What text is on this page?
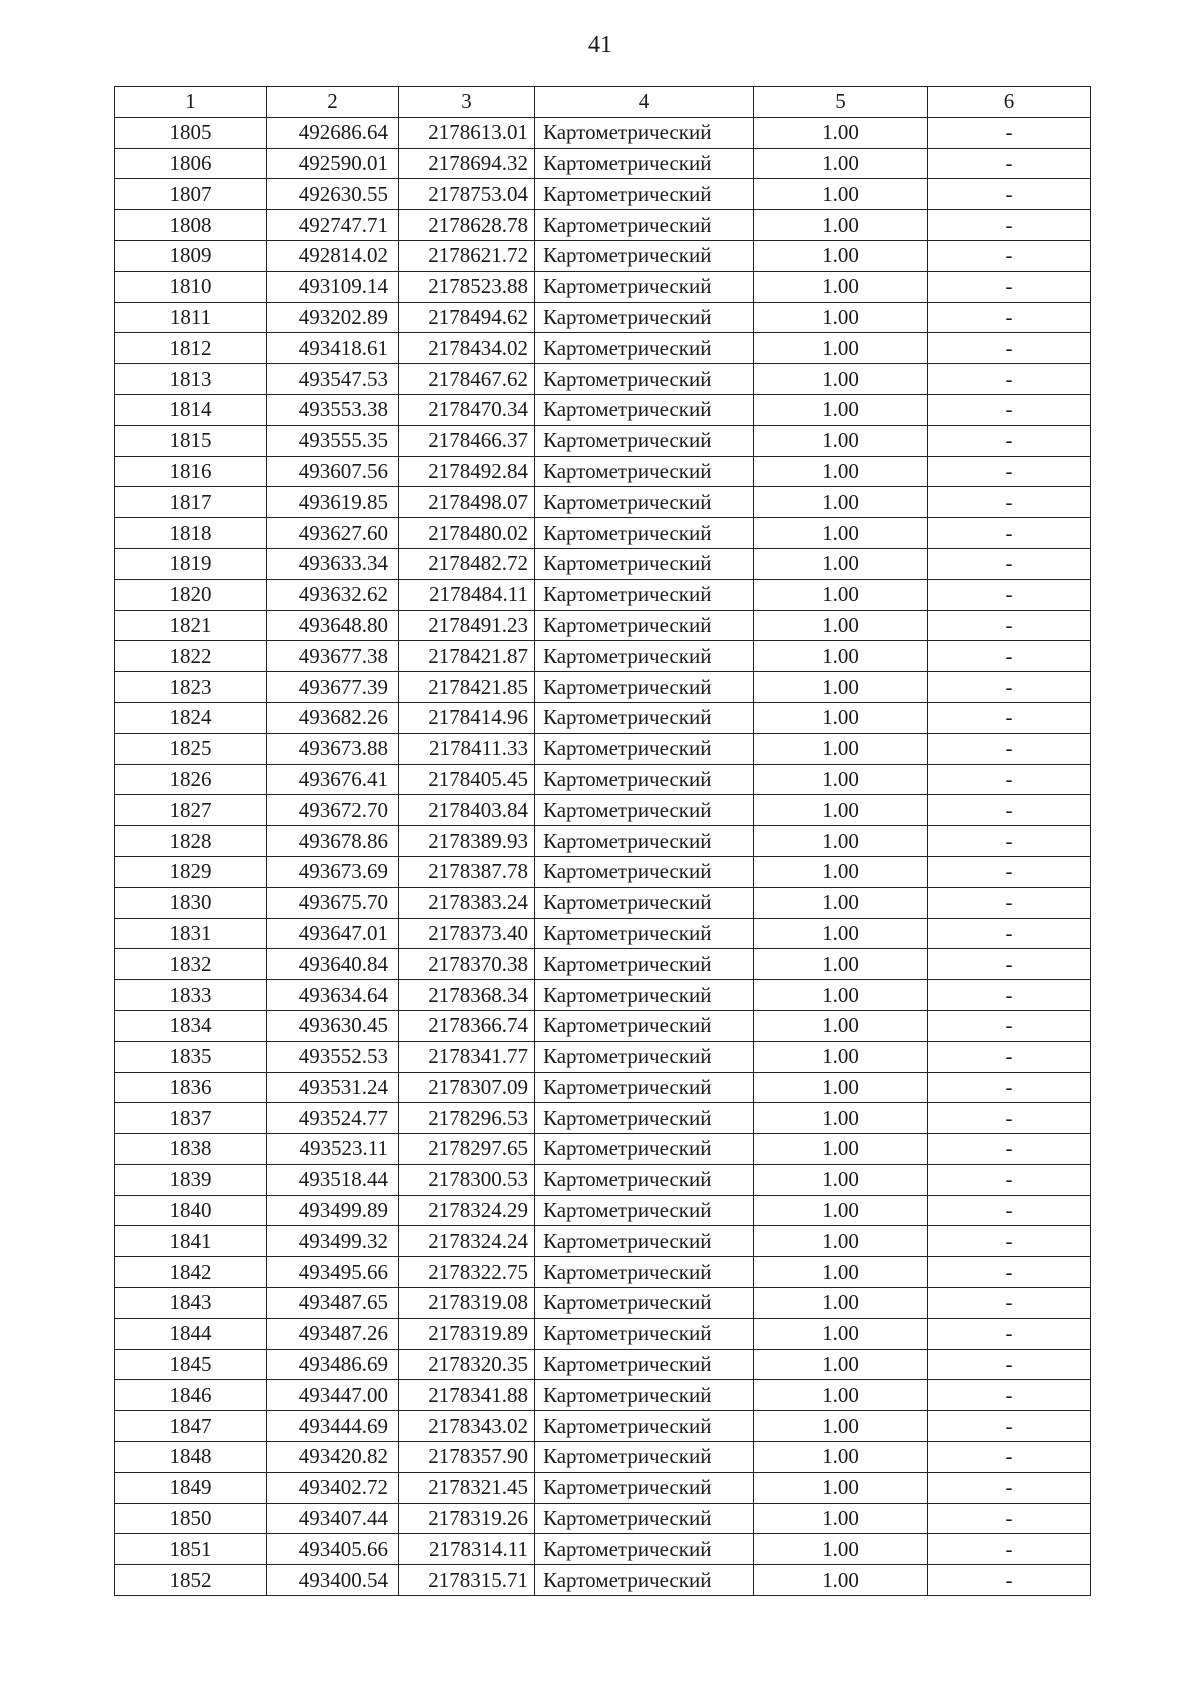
41
1	2	3	4	5	6
1805	492686.64	2178613.01	Картометрический	1.00	-
1806	492590.01	2178694.32	Картометрический	1.00	-
1807	492630.55	2178753.04	Картометрический	1.00	-
1808	492747.71	2178628.78	Картометрический	1.00	-
1809	492814.02	2178621.72	Картометрический	1.00	-
1810	493109.14	2178523.88	Картометрический	1.00	-
1811	493202.89	2178494.62	Картометрический	1.00	-
1812	493418.61	2178434.02	Картометрический	1.00	-
1813	493547.53	2178467.62	Картометрический	1.00	-
1814	493553.38	2178470.34	Картометрический	1.00	-
1815	493555.35	2178466.37	Картометрический	1.00	-
1816	493607.56	2178492.84	Картометрический	1.00	-
1817	493619.85	2178498.07	Картометрический	1.00	-
1818	493627.60	2178480.02	Картометрический	1.00	-
1819	493633.34	2178482.72	Картометрический	1.00	-
1820	493632.62	2178484.11	Картометрический	1.00	-
1821	493648.80	2178491.23	Картометрический	1.00	-
1822	493677.38	2178421.87	Картометрический	1.00	-
1823	493677.39	2178421.85	Картометрический	1.00	-
1824	493682.26	2178414.96	Картометрический	1.00	-
1825	493673.88	2178411.33	Картометрический	1.00	-
1826	493676.41	2178405.45	Картометрический	1.00	-
1827	493672.70	2178403.84	Картометрический	1.00	-
1828	493678.86	2178389.93	Картометрический	1.00	-
1829	493673.69	2178387.78	Картометрический	1.00	-
1830	493675.70	2178383.24	Картометрический	1.00	-
1831	493647.01	2178373.40	Картометрический	1.00	-
1832	493640.84	2178370.38	Картометрический	1.00	-
1833	493634.64	2178368.34	Картометрический	1.00	-
1834	493630.45	2178366.74	Картометрический	1.00	-
1835	493552.53	2178341.77	Картометрический	1.00	-
1836	493531.24	2178307.09	Картометрический	1.00	-
1837	493524.77	2178296.53	Картометрический	1.00	-
1838	493523.11	2178297.65	Картометрический	1.00	-
1839	493518.44	2178300.53	Картометрический	1.00	-
1840	493499.89	2178324.29	Картометрический	1.00	-
1841	493499.32	2178324.24	Картометрический	1.00	-
1842	493495.66	2178322.75	Картометрический	1.00	-
1843	493487.65	2178319.08	Картометрический	1.00	-
1844	493487.26	2178319.89	Картометрический	1.00	-
1845	493486.69	2178320.35	Картометрический	1.00	-
1846	493447.00	2178341.88	Картометрический	1.00	-
1847	493444.69	2178343.02	Картометрический	1.00	-
1848	493420.82	2178357.90	Картометрический	1.00	-
1849	493402.72	2178321.45	Картометрический	1.00	-
1850	493407.44	2178319.26	Картометрический	1.00	-
1851	493405.66	2178314.11	Картометрический	1.00	-
1852	493400.54	2178315.71	Картометрический	1.00	-
